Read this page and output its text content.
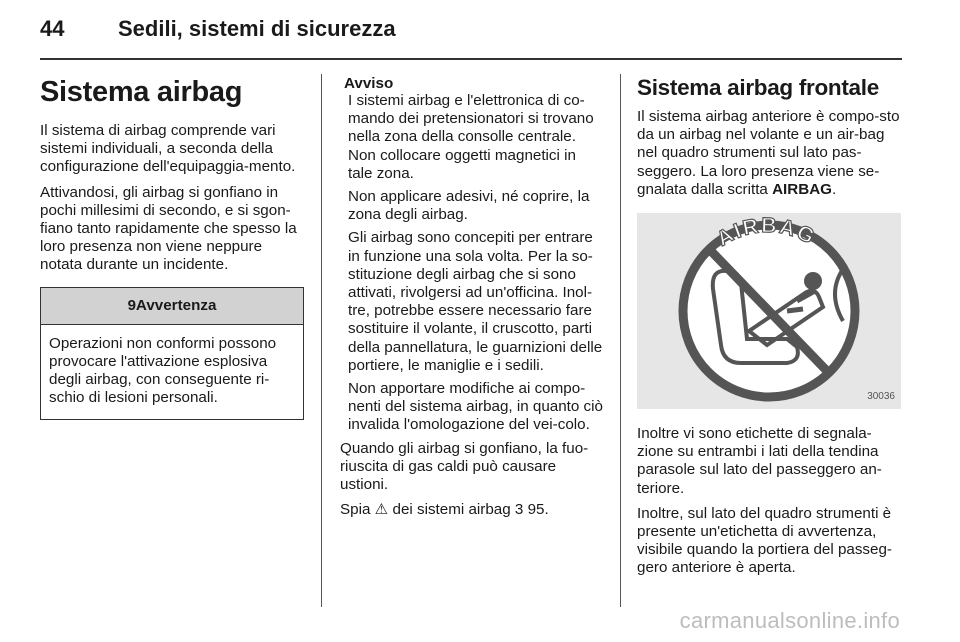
44 Sedili, sistemi di sicurezza
Sistema airbag

Il sistema di airbag comprende vari sistemi individuali, a seconda della configurazione dell'equipaggia-mento.

Attivandosi, gli airbag si gonfiano in pochi millesimi di secondo, e si sgon-fiano tanto rapidamente che spesso la loro presenza non viene neppure notata durante un incidente.

9Avvertenza
Operazioni non conformi possono provocare l'attivazione esplosiva degli airbag, con conseguente ri-schio di lesioni personali.
Avviso

I sistemi airbag e l'elettronica di co-mando dei pretensionatori si trovano nella zona della consolle centrale. Non collocare oggetti magnetici in tale zona.

Non applicare adesivi, né coprire, la zona degli airbag.

Gli airbag sono concepiti per entrare in funzione una sola volta. Per la so-stituzione degli airbag che si sono attivati, rivolgersi ad un'officina. Inol-tre, potrebbe essere necessario fare sostituire il volante, il cruscotto, parti della pannellatura, le guarnizioni delle portiere, le maniglie e i sedili.

Non apportare modifiche ai compo-nenti del sistema airbag, in quanto ciò invalida l'omologazione del vei-colo.

Quando gli airbag si gonfiano, la fuo-riuscita di gas caldi può causare ustioni.

Spia ⚠ dei sistemi airbag 3 95.

Sistema airbag frontale

Il sistema airbag anteriore è compo-sto da un airbag nel volante e un air-bag nel quadro strumenti sul lato pas-seggero. La loro presenza viene se-gnalata dalla scritta AIRBAG.

AIRBAG
30036

Inoltre vi sono etichette di segnala-zione su entrambi i lati della tendina parasole sul lato del passeggero an-teriore.

Inoltre, sul lato del quadro strumenti è presente un'etichetta di avvertenza, visibile quando la portiera del passeg-gero anteriore è aperta.

carmanualsonline.info
